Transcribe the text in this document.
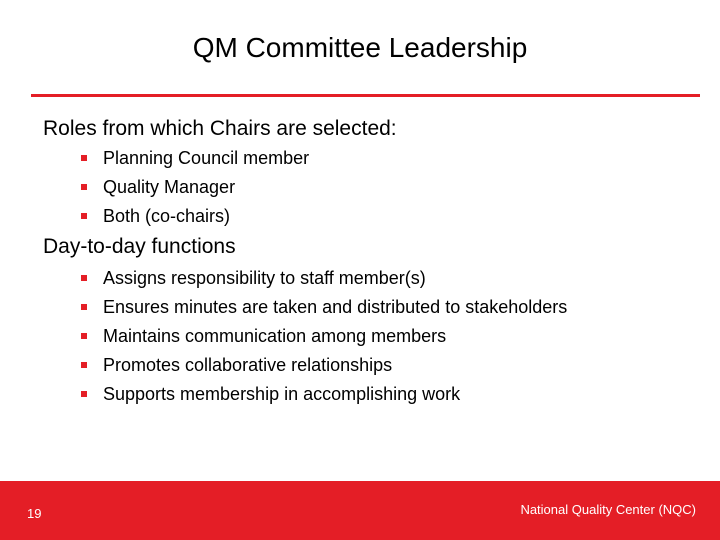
QM Committee Leadership
Roles from which Chairs are selected:
Planning Council member
Quality Manager
Both (co-chairs)
Day-to-day functions
Assigns responsibility to staff member(s)
Ensures minutes are taken and distributed to stakeholders
Maintains communication among members
Promotes collaborative relationships
Supports membership in accomplishing work
19	National Quality Center (NQC)
